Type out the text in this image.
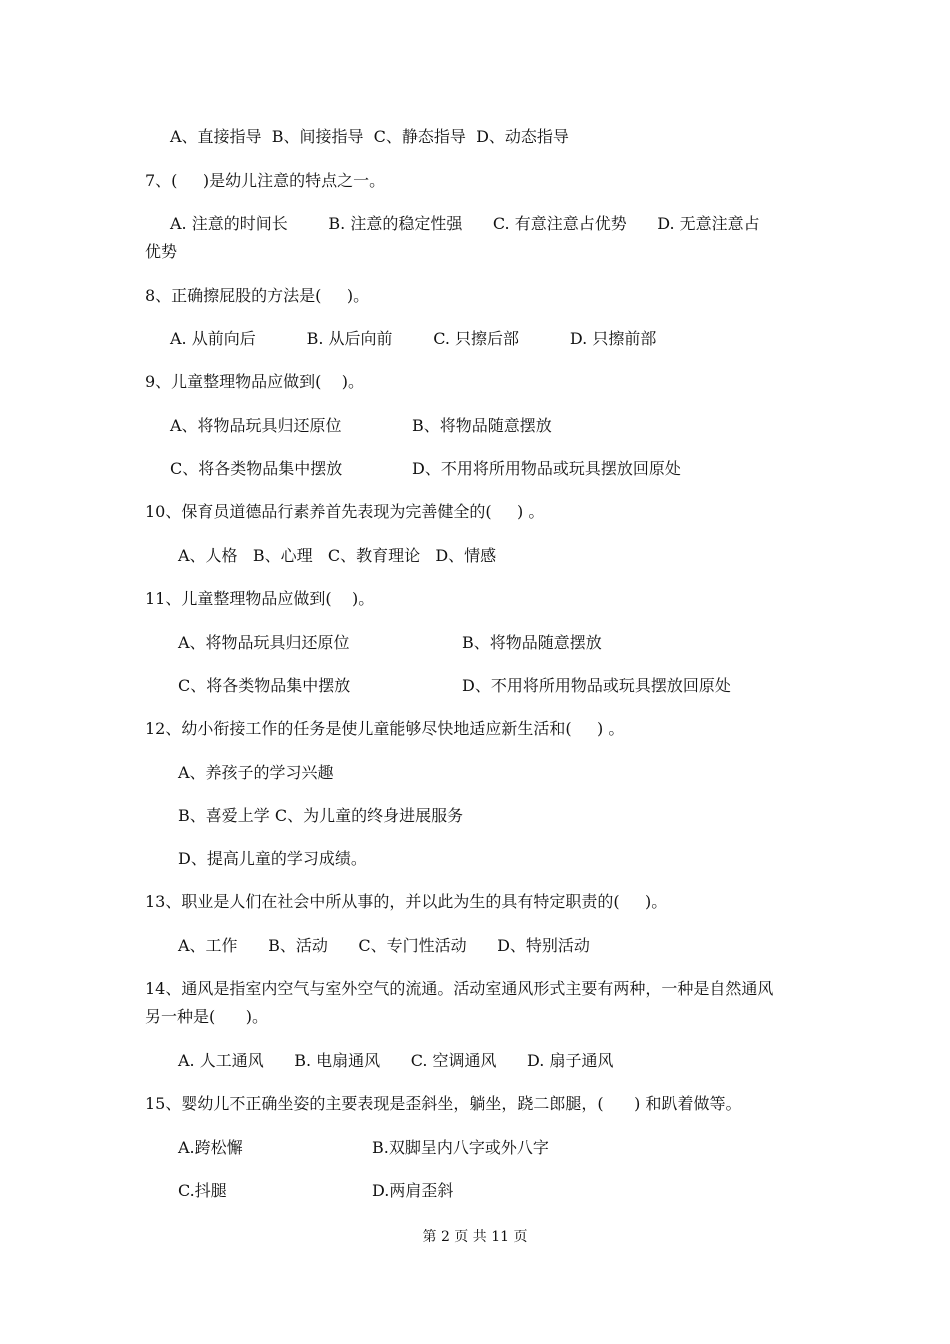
A、直接指导  B、间接指导  C、静态指导  D、动态指导
7、(     )是幼儿注意的特点之一。
A. 注意的时间长        B. 注意的稳定性强      C. 有意注意占优势      D. 无意注意占
优势
8、正确擦屁股的方法是(     )。
A. 从前向后          B. 从后向前        C. 只擦后部          D. 只擦前部
9、儿童整理物品应做到(    )。
A、将物品玩具归还原位	B、将物品随意摆放
C、将各类物品集中摆放	D、不用将所用物品或玩具摆放回原处
10、保育员道德品行素养首先表现为完善健全的(     ) 。
A、人格   B、心理   C、教育理论   D、情感
11、儿童整理物品应做到(    )。
A、将物品玩具归还原位	B、将物品随意摆放
C、将各类物品集中摆放	D、不用将所用物品或玩具摆放回原处
12、幼小衔接工作的任务是使儿童能够尽快地适应新生活和(     ) 。
A、养孩子的学习兴趣
B、喜爱上学 C、为儿童的终身进展服务
D、提高儿童的学习成绩。
13、职业是人们在社会中所从事的，并以此为生的具有特定职责的(     )。
A、工作      B、活动      C、专门性活动      D、特别活动
14、通风是指室内空气与室外空气的流通。活动室通风形式主要有两种，一种是自然通风
另一种是(      )。
A. 人工通风      B. 电扇通风      C. 空调通风      D. 扇子通风
15、婴幼儿不正确坐姿的主要表现是歪斜坐，躺坐，跷二郎腿，(      ) 和趴着做等。
A.跨松懈	B.双脚呈内八字或外八字
C.抖腿	D.两肩歪斜
第 2 页 共 11 页
